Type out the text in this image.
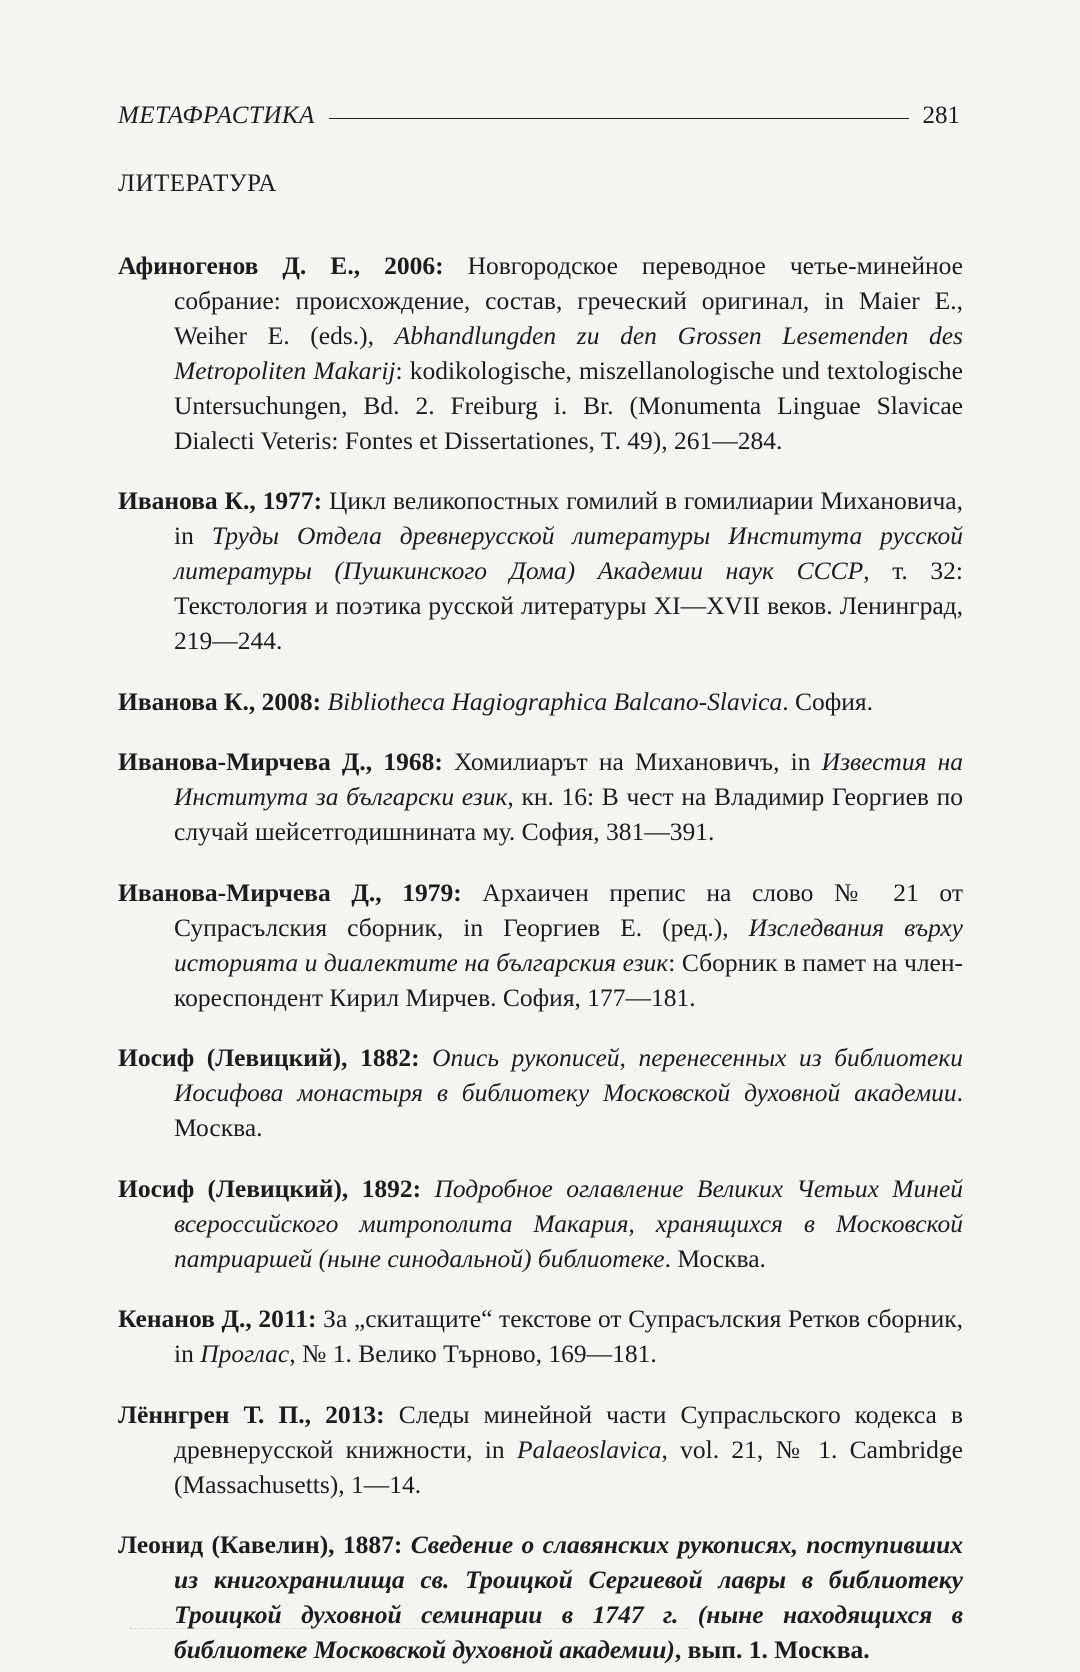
МЕТАФРАСТИКА	281
ЛИТЕРАТУРА

Афиногенов Д. Е., 2006: Новгородское переводное четье-минейное собрание: происхождение, состав, греческий оригинал, in Maier E., Weiher E. (eds.), Abhandlungden zu den Grossen Lesemenden des Metropoliten Makarij: kodikologische, miszellanologische und textologische Untersuchungen, Bd. 2. Freiburg i. Br. (Monumenta Linguae Slavicae Dialecti Veteris: Fontes et Dissertationes, T. 49), 261—284.

Иванова К., 1977: Цикл великопостных гомилий в гомилиарии Михановича, in Труды Отдела древнерусской литературы Института русской литературы (Пушкинского Дома) Академии наук СССР, т. 32: Текстология и поэтика русской литературы XI—XVII веков. Ленинград, 219—244.

Иванова К., 2008: Bibliotheca Hagiographica Balcano-Slavica. София.

Иванова-Мирчева Д., 1968: Хомилиарът на Михановичъ, in Известия на Института за български език, кн. 16: В чест на Владимир Георгиев по случай шейсетгодишнината му. София, 381—391.

Иванова-Мирчева Д., 1979: Архаичен препис на слово № 21 от Супрасълския сборник, in Георгиев Е. (ред.), Изследвания върху историята и диалектите на българския език: Сборник в памет на член-кореспондент Кирил Мирчев. София, 177—181.

Иосиф (Левицкий), 1882: Опись рукописей, перенесенных из библиотеки Иосифова монастыря в библиотеку Московской духовной академии. Москва.

Иосиф (Левицкий), 1892: Подробное оглавление Великих Четьих Миней всероссийского митрополита Макария, хранящихся в Московской патриаршей (ныне синодальной) библиотеке. Москва.

Кенанов Д., 2011: За „скитащите“ текстове от Супрасълския Ретков сборник, in Проглас, № 1. Велико Търново, 169—181.

Лённгрен Т. П., 2013: Следы минейной части Супрасльского кодекса в древнерусской книжности, in Palaeoslavica, vol. 21, № 1. Cambridge (Massachusetts), 1—14.

Леонид (Кавелин), 1887: Сведение о славянских рукописях, поступивших из книгохранилища св. Троицкой Сергиевой лавры в библиотеку Троицкой духовной семинарии в 1747 г. (ныне находящихся в библиотеке Московской духовной академии), вып. 1. Москва.
